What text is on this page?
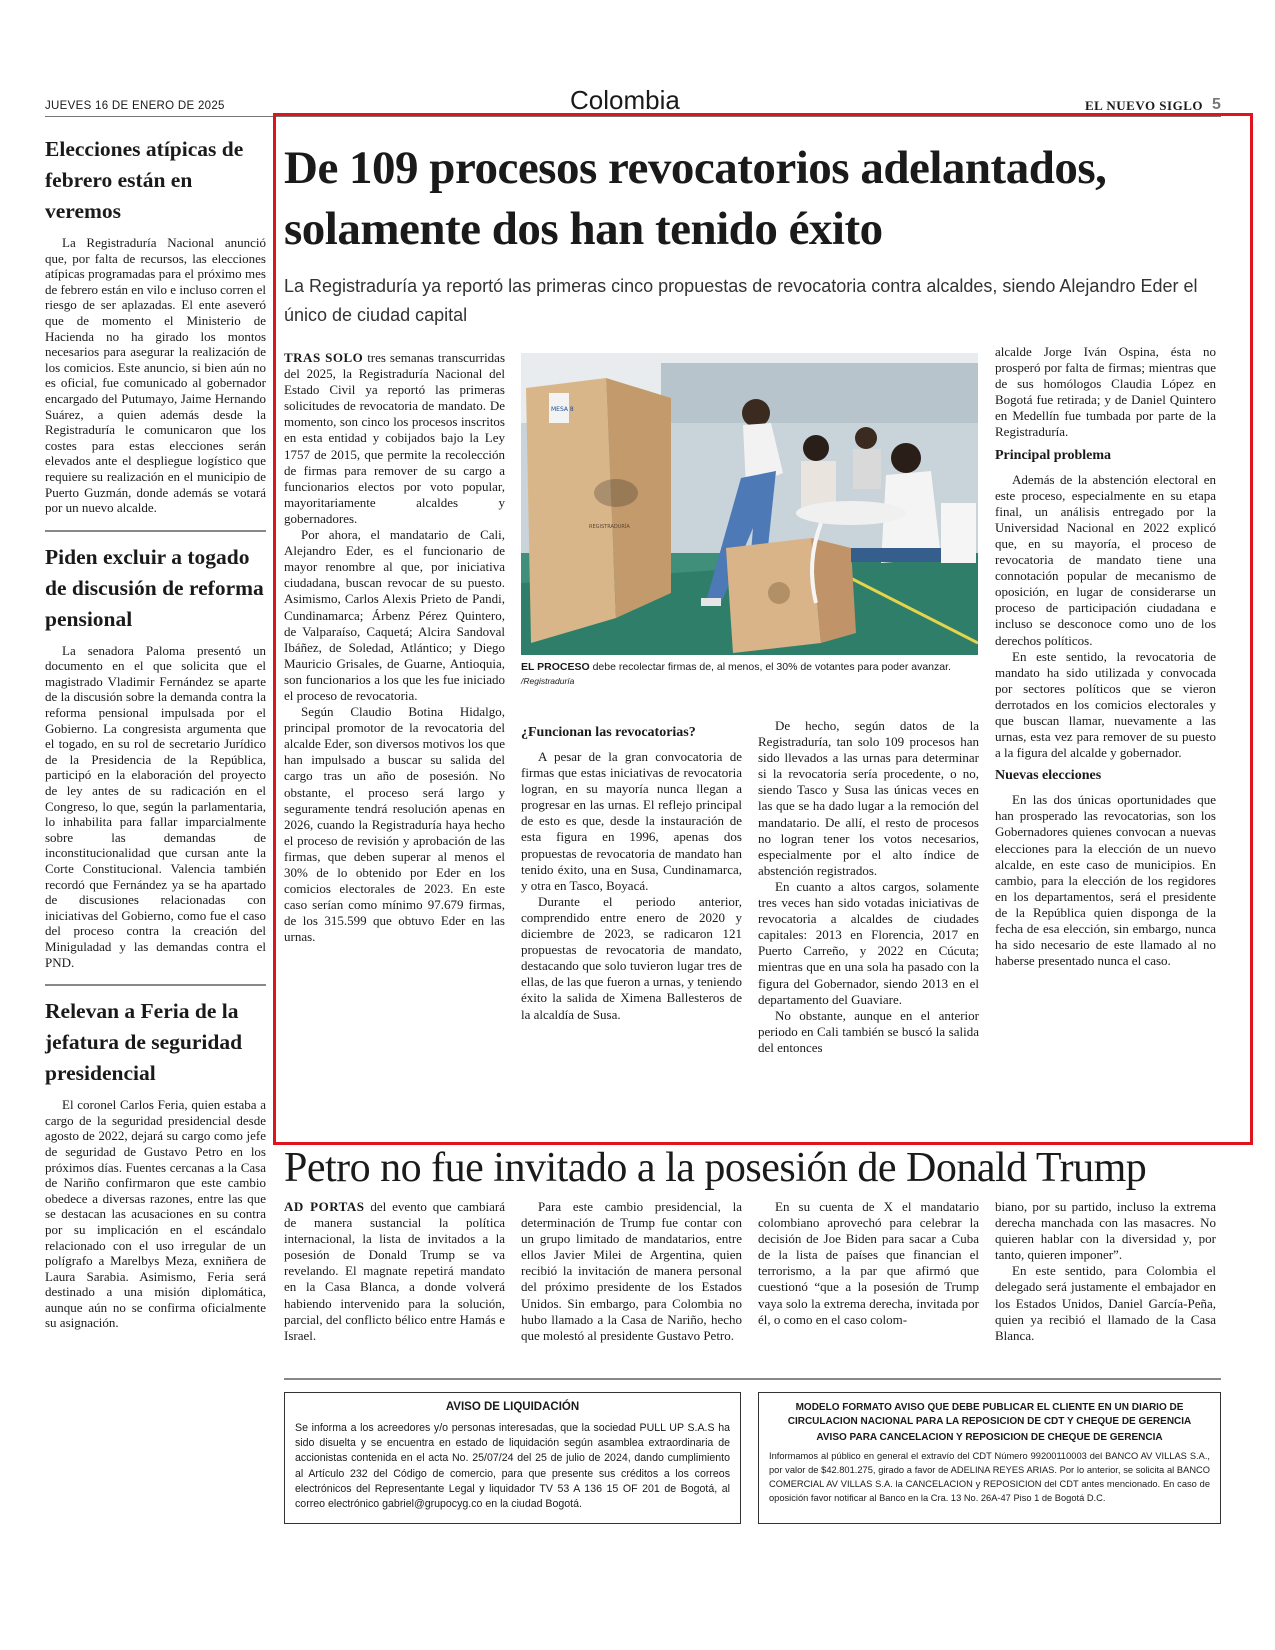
JUEVES 16 DE ENERO DE 2025	Colombia	EL NUEVO SIGLO 5
Elecciones atípicas de febrero están en veremos

La Registraduría Nacional anunció que, por falta de recursos, las elecciones atípicas programadas para el próximo mes de febrero están en vilo e incluso corren el riesgo de ser aplazadas. El ente aseveró que de momento el Ministerio de Hacienda no ha girado los montos necesarios para asegurar la realización de los comicios. Este anuncio, si bien aún no es oficial, fue comunicado al gobernador encargado del Putumayo, Jaime Hernando Suárez, a quien además desde la Registraduría le comunicaron que los costes para estas elecciones serán elevados ante el despliegue logístico que requiere su realización en el municipio de Puerto Guzmán, donde además se votará por un nuevo alcalde.

Piden excluir a togado de discusión de reforma pensional

La senadora Paloma presentó un documento en el que solicita que el magistrado Vladimir Fernández se aparte de la discusión sobre la demanda contra la reforma pensional impulsada por el Gobierno. La congresista argumenta que el togado, en su rol de secretario Jurídico de la Presidencia de la República, participó en la elaboración del proyecto de ley antes de su radicación en el Congreso, lo que, según la parlamentaria, lo inhabilita para fallar imparcialmente sobre las demandas de inconstitucionalidad que cursan ante la Corte Constitucional. Valencia también recordó que Fernández ya se ha apartado de discusiones relacionadas con iniciativas del Gobierno, como fue el caso del proceso contra la creación del Miniguladad y las demandas contra el PND.

Relevan a Feria de la jefatura de seguridad presidencial

El coronel Carlos Feria, quien estaba a cargo de la seguridad presidencial desde agosto de 2022, dejará su cargo como jefe de seguridad de Gustavo Petro en los próximos días. Fuentes cercanas a la Casa de Nariño confirmaron que este cambio obedece a diversas razones, entre las que se destacan las acusaciones en su contra por su implicación en el escándalo relacionado con el uso irregular de un polígrafo a Marelbys Meza, exniñera de Laura Sarabia. Asimismo, Feria será destinado a una misión diplomática, aunque aún no se confirma oficialmente su asignación.

De 109 procesos revocatorios adelantados, solamente dos han tenido éxito
La Registraduría ya reportó las primeras cinco propuestas de revocatoria contra alcaldes, siendo Alejandro Eder el único de ciudad capital

TRAS SOLO tres semanas transcurridas del 2025, la Registraduría Nacional del Estado Civil ya reportó las primeras solicitudes de revocatoria de mandato. De momento, son cinco los procesos inscritos en esta entidad y cobijados bajo la Ley 1757 de 2015, que permite la recolección de firmas para remover de su cargo a funcionarios electos por voto popular, mayoritariamente alcaldes y gobernadores.

Por ahora, el mandatario de Cali, Alejandro Eder, es el funcionario de mayor renombre al que, por iniciativa ciudadana, buscan revocar de su puesto. Asimismo, Carlos Alexis Prieto de Pandi, Cundinamarca; Árbenz Pérez Quintero, de Valparaíso, Caquetá; Alcira Sandoval Ibáñez, de Soledad, Atlántico; y Diego Mauricio Grisales, de Guarne, Antioquia, son funcionarios a los que les fue iniciado el proceso de revocatoria.

Según Claudio Botina Hidalgo, principal promotor de la revocatoria del alcalde Eder, son diversos motivos los que han impulsado a buscar su salida del cargo tras un año de posesión. No obstante, el proceso será largo y seguramente tendrá resolución apenas en 2026, cuando la Registraduría haya hecho el proceso de revisión y aprobación de las firmas, que deben superar al menos el 30% de lo obtenido por Eder en los comicios electorales de 2023. En este caso serían como mínimo 97.679 firmas, de los 315.599 que obtuvo Eder en las urnas.

MESA 8
REGISTRADURÍA

EL PROCESO debe recolectar firmas de, al menos, el 30% de votantes para poder avanzar. /Registraduría

¿Funcionan las revocatorias?

A pesar de la gran convocatoria de firmas que estas iniciativas de revocatoria logran, en su mayoría nunca llegan a progresar en las urnas. El reflejo principal de esto es que, desde la instauración de esta figura en 1996, apenas dos propuestas de revocatoria de mandato han tenido éxito, una en Susa, Cundinamarca, y otra en Tasco, Boyacá.

Durante el periodo anterior, comprendido entre enero de 2020 y diciembre de 2023, se radicaron 121 propuestas de revocatoria de mandato, destacando que solo tuvieron lugar tres de ellas, de las que fueron a urnas, y teniendo éxito la salida de Ximena Ballesteros de la alcaldía de Susa.

De hecho, según datos de la Registraduría, tan solo 109 procesos han sido llevados a las urnas para determinar si la revocatoria sería procedente, o no, siendo Tasco y Susa las únicas veces en las que se ha dado lugar a la remoción del mandatario. De allí, el resto de procesos no logran tener los votos necesarios, especialmente por el alto índice de abstención registrados.

En cuanto a altos cargos, solamente tres veces han sido votadas iniciativas de revocatoria a alcaldes de ciudades capitales: 2013 en Florencia, 2017 en Puerto Carreño, y 2022 en Cúcuta; mientras que en una sola ha pasado con la figura del Gobernador, siendo 2013 en el departamento del Guaviare.

No obstante, aunque en el anterior periodo en Cali también se buscó la salida del entonces

alcalde Jorge Iván Ospina, ésta no prosperó por falta de firmas; mientras que de sus homólogos Claudia López en Bogotá fue retirada; y de Daniel Quintero en Medellín fue tumbada por parte de la Registraduría.

Principal problema

Además de la abstención electoral en este proceso, especialmente en su etapa final, un análisis entregado por la Universidad Nacional en 2022 explicó que, en su mayoría, el proceso de revocatoria de mandato tiene una connotación popular de mecanismo de oposición, en lugar de considerarse un proceso de participación ciudadana e incluso se desconoce como uno de los derechos políticos.

En este sentido, la revocatoria de mandato ha sido utilizada y convocada por sectores políticos que se vieron derrotados en los comicios electorales y que buscan llamar, nuevamente a las urnas, esta vez para remover de su puesto a la figura del alcalde y gobernador.

Nuevas elecciones

En las dos únicas oportunidades que han prosperado las revocatorias, son los Gobernadores quienes convocan a nuevas elecciones para la elección de un nuevo alcalde, en este caso de municipios. En cambio, para la elección de los regidores en los departamentos, será el presidente de la República quien disponga de la fecha de esa elección, sin embargo, nunca ha sido necesario de este llamado al no haberse presentado nunca el caso.

Petro no fue invitado a la posesión de Donald Trump

AD PORTAS del evento que cambiará de manera sustancial la política internacional, la lista de invitados a la posesión de Donald Trump se va revelando. El magnate repetirá mandato en la Casa Blanca, a donde volverá habiendo intervenido para la solución, parcial, del conflicto bélico entre Hamás e Israel.

Para este cambio presidencial, la determinación de Trump fue contar con un grupo limitado de mandatarios, entre ellos Javier Milei de Argentina, quien recibió la invitación de manera personal del próximo presidente de los Estados Unidos. Sin embargo, para Colombia no hubo llamado a la Casa de Nariño, hecho que molestó al presidente Gustavo Petro.

En su cuenta de X el mandatario colombiano aprovechó para celebrar la decisión de Joe Biden para sacar a Cuba de la lista de países que financian el terrorismo, a la par que afirmó que cuestionó “que a la posesión de Trump vaya solo la extrema derecha, invitada por él, o como en el caso colom-

biano, por su partido, incluso la extrema derecha manchada con las masacres. No quieren hablar con la diversidad y, por tanto, quieren imponer”.

En este sentido, para Colombia el delegado será justamente el embajador en los Estados Unidos, Daniel García-Peña, quien ya recibió el llamado de la Casa Blanca.

AVISO DE LIQUIDACIÓN

Se informa a los acreedores y/o personas interesadas, que la sociedad PULL UP S.A.S ha sido disuelta y se encuentra en estado de liquidación según asamblea extraordinaria de accionistas contenida en el acta No. 25/07/24 del 25 de julio de 2024, dando cumplimiento al Artículo 232 del Código de comercio, para que presente sus créditos a los correos electrónicos del Representante Legal y liquidador TV 53 A 136 15 OF 201 de Bogotá, al correo electrónico gabriel@grupocyg.co en la ciudad Bogotá.

MODELO FORMATO AVISO QUE DEBE PUBLICAR EL CLIENTE EN UN DIARIO DE CIRCULACION NACIONAL PARA LA REPOSICION DE CDT Y CHEQUE DE GERENCIA
AVISO PARA CANCELACION Y REPOSICION DE CHEQUE DE GERENCIA

Informamos al público en general el extravío del CDT Número 99200110003 del BANCO AV VILLAS S.A., por valor de $42.801.275, girado a favor de ADELINA REYES ARIAS. Por lo anterior, se solicita al BANCO COMERCIAL AV VILLAS S.A. la CANCELACION y REPOSICION del CDT antes mencionado. En caso de oposición favor notificar al Banco en la Cra. 13 No. 26A-47 Piso 1 de Bogotá D.C.
